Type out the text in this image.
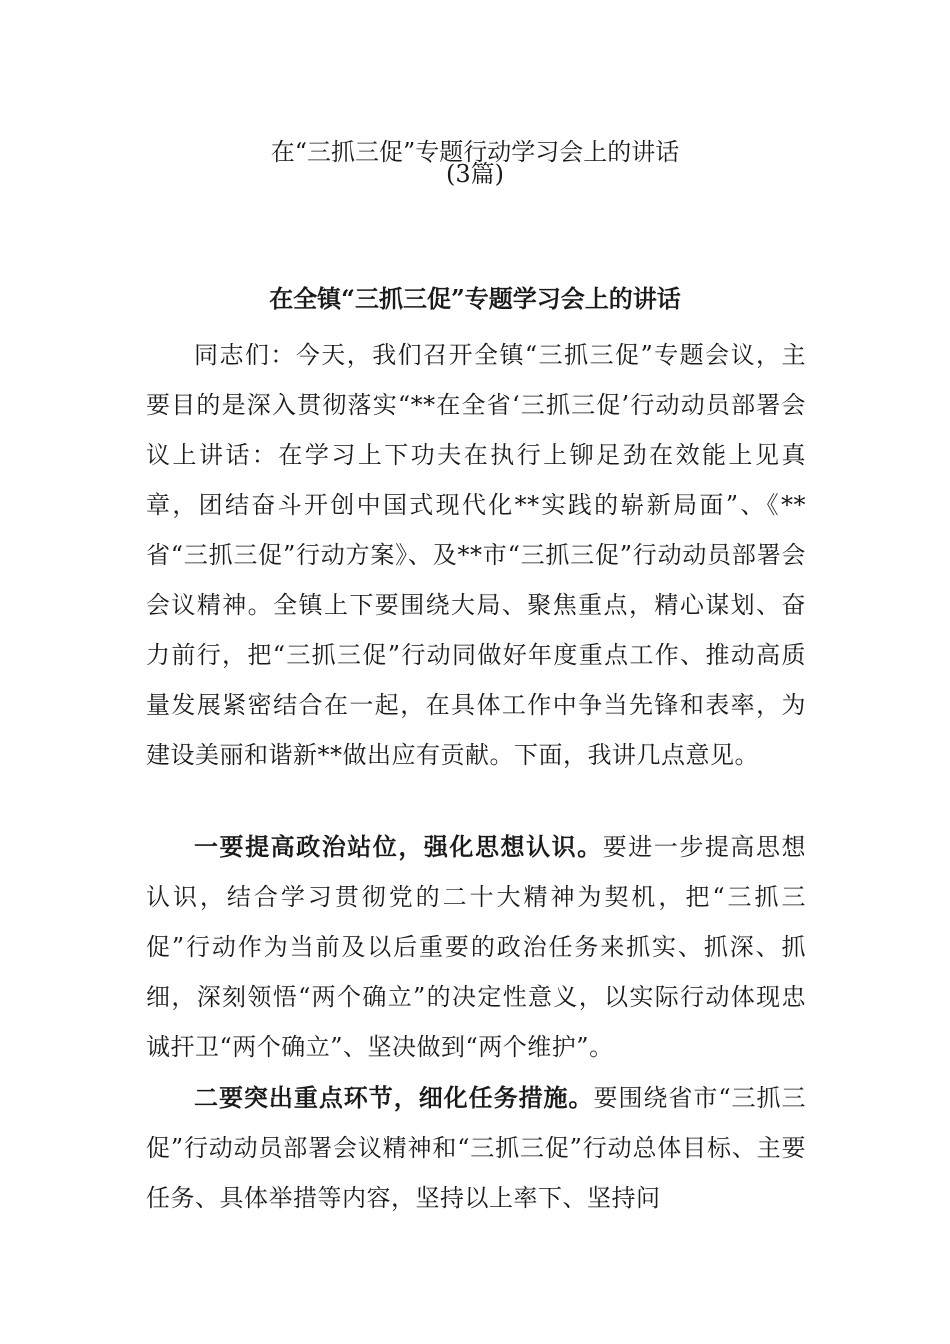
在“三抓三促”专题行动学习会上的讲话
(3篇)
在全镇“三抓三促”专题学习会上的讲话

同志们：今天，我们召开全镇“三抓三促”专题会议，主要目的是深入贯彻落实“**在全省‘三抓三促’行动动员部署会议上讲话：在学习上下功夫在执行上铆足劲在效能上见真章，团结奋斗开创中国式现代化**实践的崭新局面”、《**省“三抓三促”行动方案》、及**市“三抓三促”行动动员部署会会议精神。全镇上下要围绕大局、聚焦重点，精心谋划、奋力前行，把“三抓三促”行动同做好年度重点工作、推动高质量发展紧密结合在一起，在具体工作中争当先锋和表率，为建设美丽和谐新**做出应有贡献。下面，我讲几点意见。

一要提高政治站位，强化思想认识。要进一步提高思想认识，结合学习贯彻党的二十大精神为契机，把“三抓三促”行动作为当前及以后重要的政治任务来抓实、抓深、抓细，深刻领悟“两个确立”的决定性意义，以实际行动体现忠诚扞卫“两个确立”、坚决做到“两个维护”。

二要突出重点环节，细化任务措施。要围绕省市“三抓三促”行动动员部署会议精神和“三抓三促”行动总体目标、主要任务、具体举措等内容，坚持以上率下、坚持问
